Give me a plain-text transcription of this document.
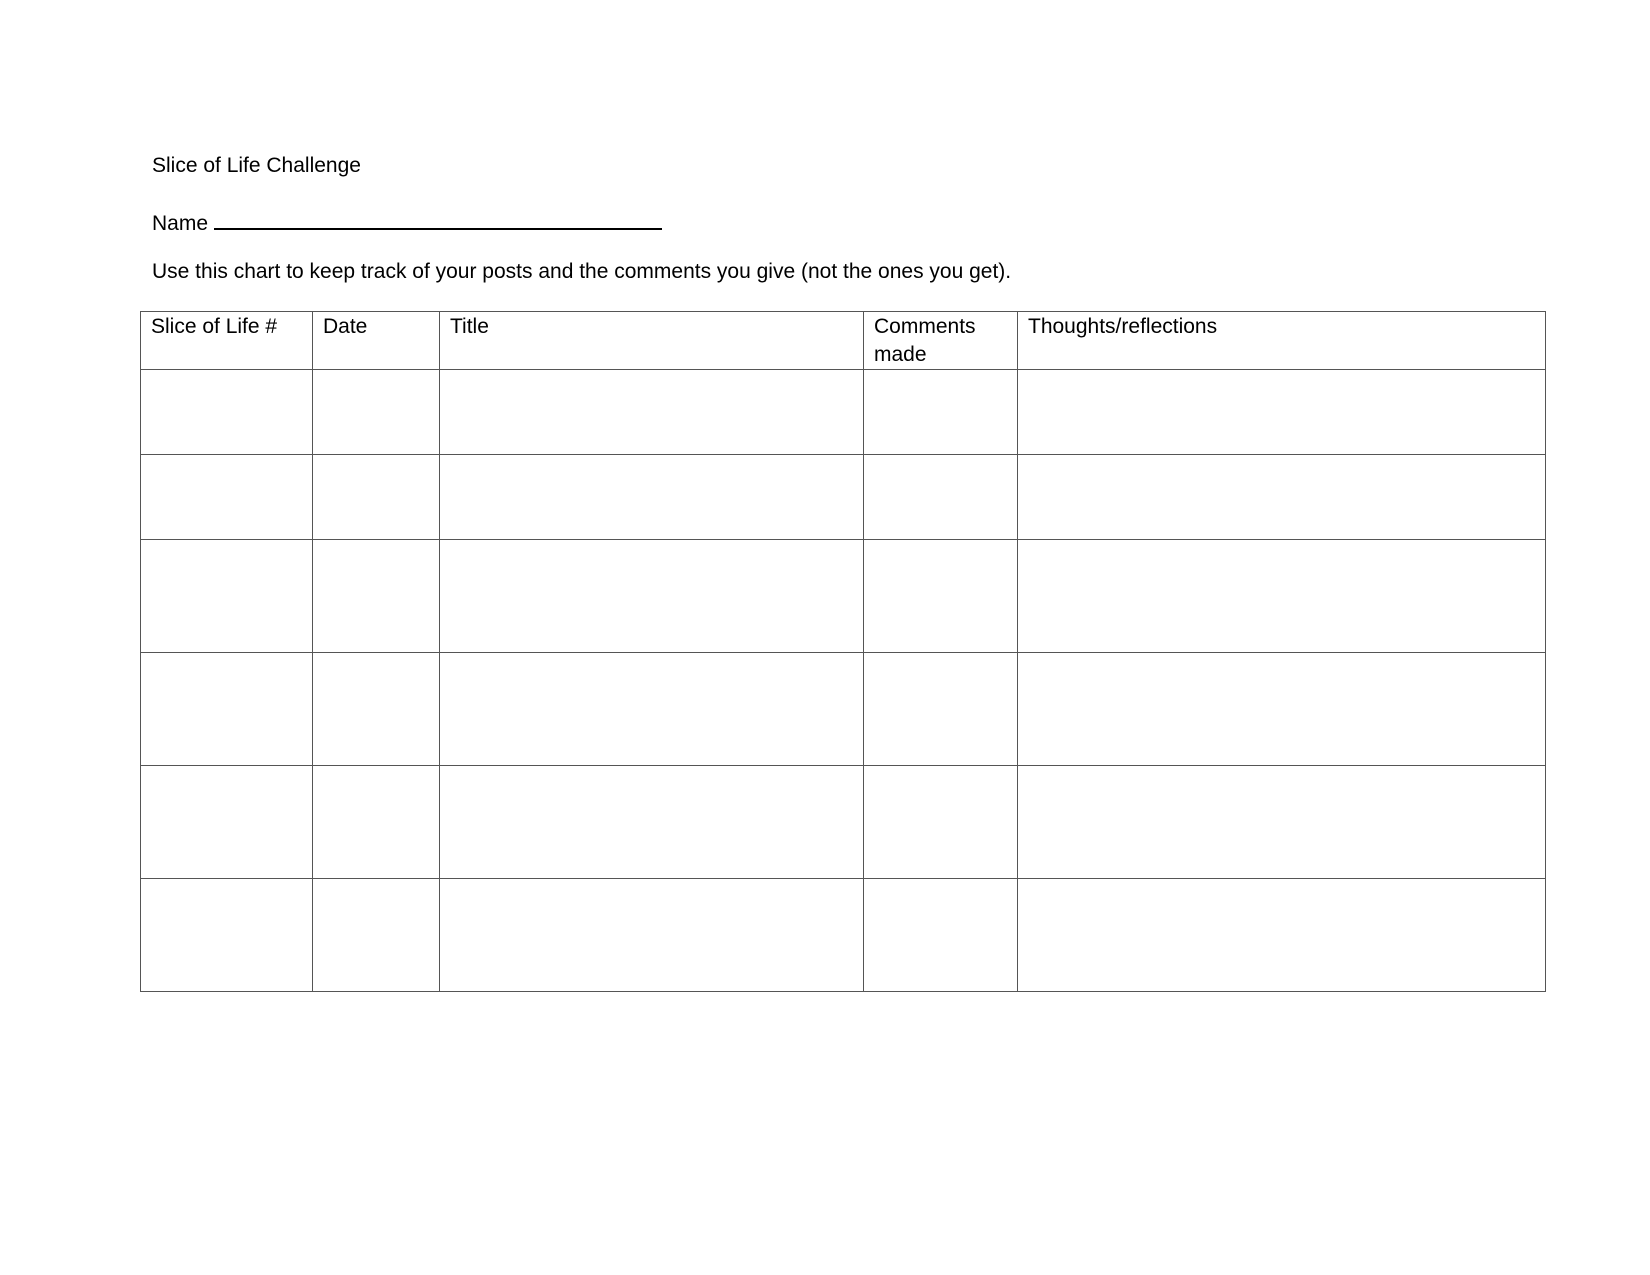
Slice of Life Challenge
Name
Use this chart to keep track of your posts and the comments you give (not the ones you get).
Slice of Life #	Date	Title	Comments made	Thoughts/reflections
